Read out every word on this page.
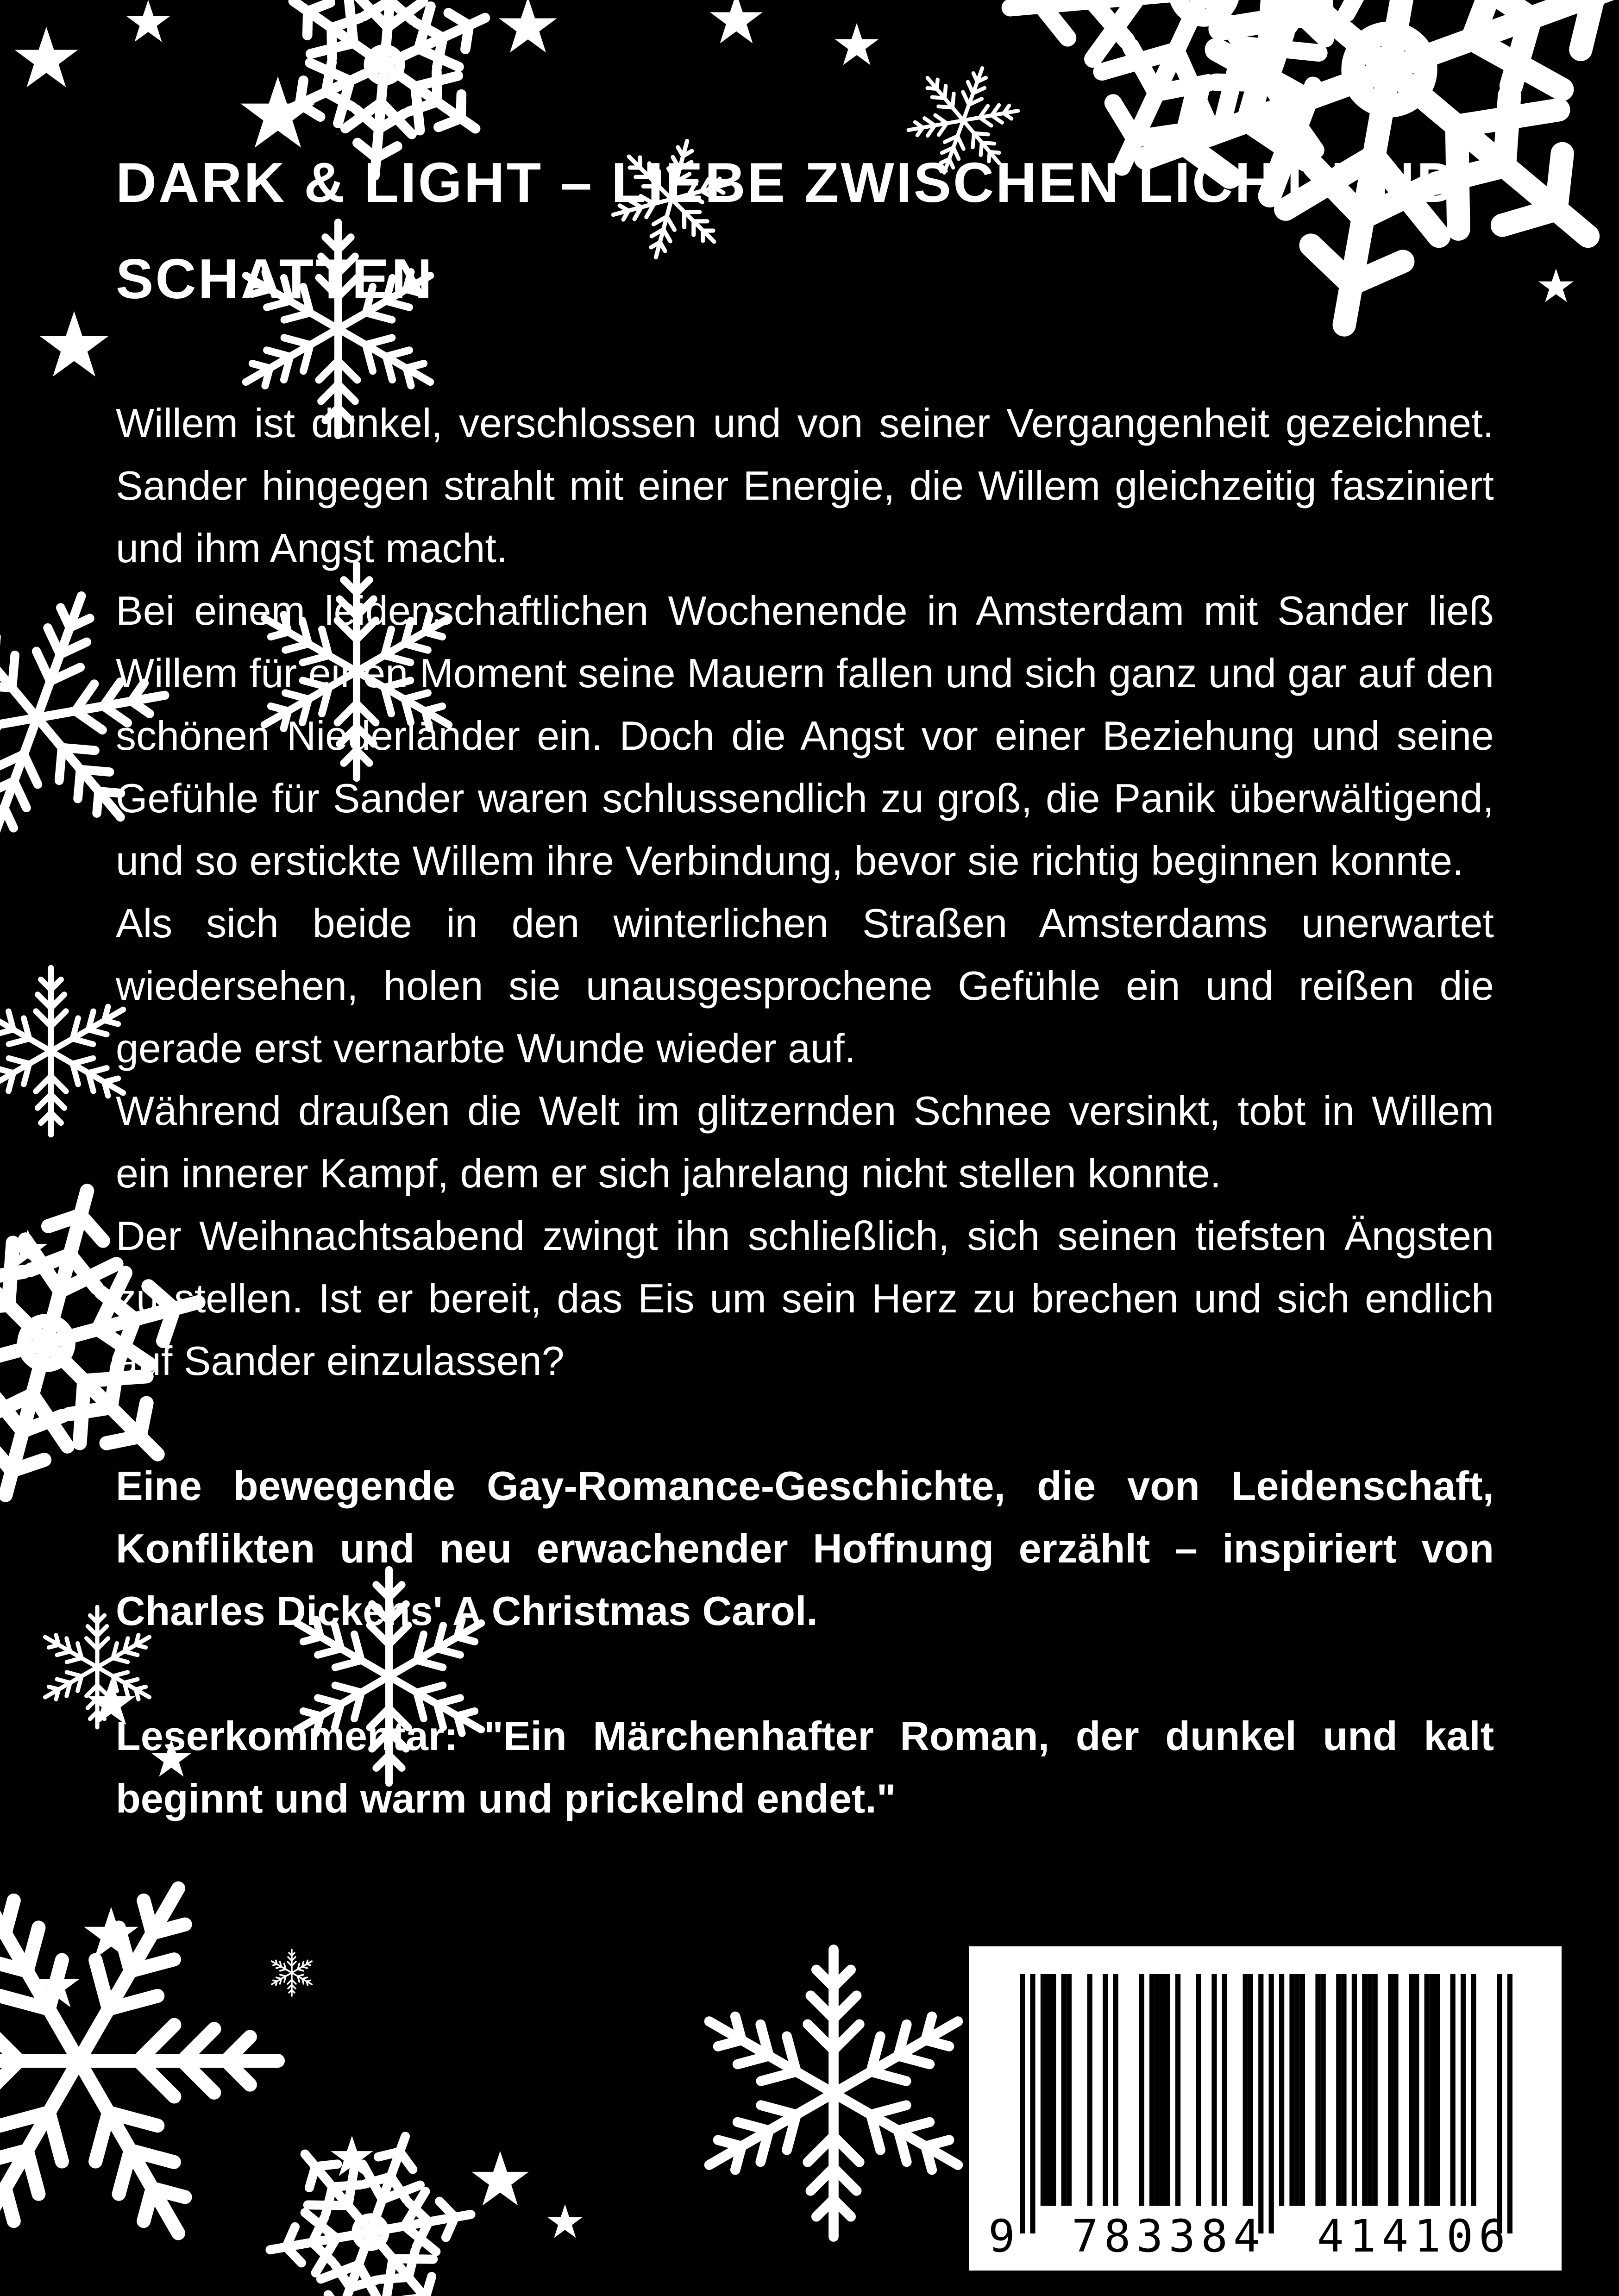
DARK & LIGHT – LIEBE ZWISCHEN LICHT UND SCHATTEN

Willem ist dunkel, verschlossen und von seiner Vergangenheit gezeichnet. Sander hingegen strahlt mit einer Energie, die Willem gleichzeitig fasziniert und ihm Angst macht.

Bei einem leidenschaftlichen Wochenende in Amsterdam mit Sander ließ Willem für einen Moment seine Mauern fallen und sich ganz und gar auf den schönen Niederländer ein. Doch die Angst vor einer Beziehung und seine Gefühle für Sander waren schlussendlich zu groß, die Panik überwältigend, und so erstickte Willem ihre Verbindung, bevor sie richtig beginnen konnte.

Als sich beide in den winterlichen Straßen Amsterdams unerwartet wiedersehen, holen sie unausgesprochene Gefühle ein und reißen die gerade erst vernarbte Wunde wieder auf.

Während draußen die Welt im glitzernden Schnee versinkt, tobt in Willem ein innerer Kampf, dem er sich jahrelang nicht stellen konnte.

Der Weihnachtsabend zwingt ihn schließlich, sich seinen tiefsten Ängsten zu stellen. Ist er bereit, das Eis um sein Herz zu brechen und sich endlich auf Sander einzulassen?

Eine bewegende Gay-Romance-Geschichte, die von Leidenschaft, Konflikten und neu erwachender Hoffnung erzählt – inspiriert von Charles Dickens' A Christmas Carol.

Leserkommentar: "Ein Märchenhafter Roman, der dunkel und kalt beginnt und warm und prickelnd endet."

9 783384 414106
